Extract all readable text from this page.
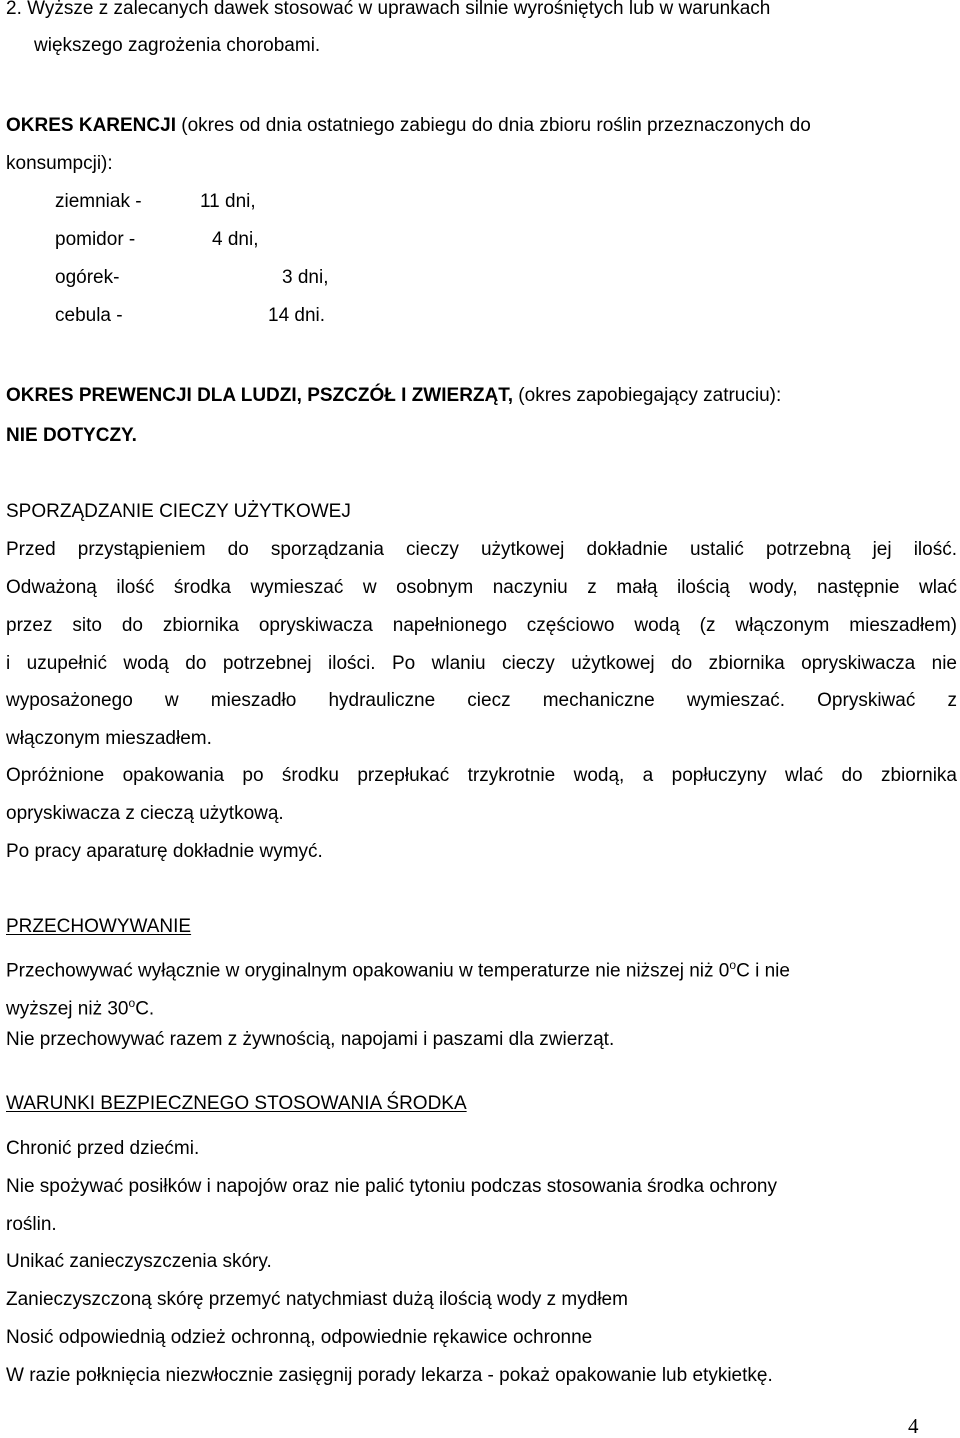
2. Wyższe z zalecanych dawek stosować w uprawach silnie wyrośniętych lub w warunkach
większego zagrożenia chorobami.
OKRES KARENCJI (okres od dnia ostatniego zabiegu do dnia zbioru roślin przeznaczonych do
konsumpcji):
ziemniak -	11 dni,
pomidor -	4 dni,
ogórek-	3 dni,
cebula -	14 dni.
OKRES PREWENCJI DLA LUDZI, PSZCZÓŁ I ZWIERZĄT, (okres zapobiegający zatruciu):
NIE DOTYCZY.
SPORZĄDZANIE CIECZY UŻYTKOWEJ
Przed przystąpieniem do sporządzania cieczy użytkowej dokładnie ustalić potrzebną jej ilość.
Odważoną ilość środka wymieszać w osobnym naczyniu z małą ilością wody, następnie wlać
przez sito do zbiornika opryskiwacza napełnionego częściowo wodą (z włączonym mieszadłem)
i uzupełnić wodą do potrzebnej ilości. Po wlaniu cieczy użytkowej do zbiornika opryskiwacza nie
wyposażonego w mieszadło hydrauliczne ciecz mechaniczne wymieszać. Opryskiwać z
włączonym mieszadłem.
Opróżnione opakowania po środku przepłukać trzykrotnie wodą, a popłuczyny wlać do zbiornika
opryskiwacza z cieczą użytkową.
Po pracy aparaturę dokładnie wymyć.
PRZECHOWYWANIE
Przechowywać wyłącznie w oryginalnym opakowaniu w temperaturze nie niższej niż 0$^o$C i nie
wyższej niż 30$^o$C.
Nie przechowywać razem z żywnością, napojami i paszami dla zwierząt.
WARUNKI BEZPIECZNEGO STOSOWANIA ŚRODKA
Chronić przed dziećmi.
Nie spożywać posiłków i napojów oraz nie palić tytoniu podczas stosowania środka ochrony
roślin.
Unikać zanieczyszczenia skóry.
Zanieczyszczoną skórę przemyć natychmiast dużą ilością wody z mydłem
Nosić odpowiednią odzież ochronną, odpowiednie rękawice ochronne
W razie połknięcia niezwłocznie zasięgnij porady lekarza - pokaż opakowanie lub etykietkę.
4
